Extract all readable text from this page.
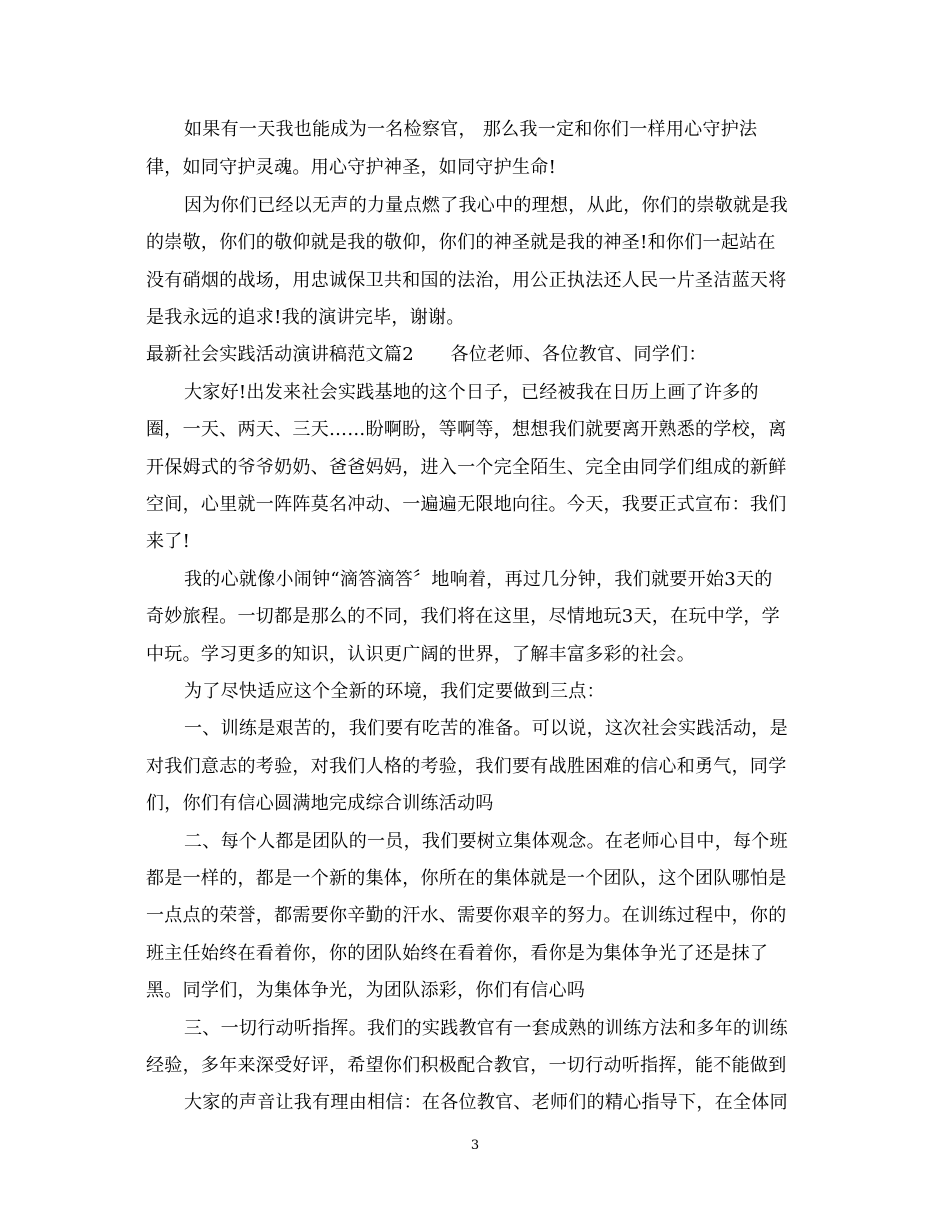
如果有一天我也能成为一名检察官， 那么我一定和你们一样用心守护法
律，如同守护灵魂。用心守护神圣，如同守护生命!
因为你们已经以无声的力量点燃了我心中的理想，从此，你们的崇敬就是我
的崇敬，你们的敬仰就是我的敬仰，你们的神圣就是我的神圣!和你们一起站在
没有硝烟的战场，用忠诚保卫共和国的法治，用公正执法还人民一片圣洁蓝天将
是我永远的追求!我的演讲完毕，谢谢。
最新社会实践活动演讲稿范文篇2　　各位老师、各位教官、同学们：
大家好!出发来社会实践基地的这个日子，已经被我在日历上画了许多的
圈，一天、两天、三天……盼啊盼，等啊等，想想我们就要离开熟悉的学校，离
开保姆式的爷爷奶奶、爸爸妈妈，进入一个完全陌生、完全由同学们组成的新鲜
空间，心里就一阵阵莫名冲动、一遍遍无限地向往。今天，我要正式宣布：我们
来了!
我的心就像小闹钟“滴答滴答〞地响着，再过几分钟，我们就要开始3天的
奇妙旅程。一切都是那么的不同，我们将在这里，尽情地玩3天，在玩中学，学
中玩。学习更多的知识，认识更广阔的世界，了解丰富多彩的社会。
为了尽快适应这个全新的环境，我们定要做到三点：
一、训练是艰苦的，我们要有吃苦的准备。可以说，这次社会实践活动，是
对我们意志的考验，对我们人格的考验，我们要有战胜困难的信心和勇气，同学
们，你们有信心圆满地完成综合训练活动吗
二、每个人都是团队的一员，我们要树立集体观念。在老师心目中，每个班
都是一样的，都是一个新的集体，你所在的集体就是一个团队，这个团队哪怕是
一点点的荣誉，都需要你辛勤的汗水、需要你艰辛的努力。在训练过程中，你的
班主任始终在看着你，你的团队始终在看着你，看你是为集体争光了还是抹了
黑。同学们，为集体争光，为团队添彩，你们有信心吗
三、一切行动听指挥。我们的实践教官有一套成熟的训练方法和多年的训练
经验，多年来深受好评，希望你们积极配合教官，一切行动听指挥，能不能做到
大家的声音让我有理由相信：在各位教官、老师们的精心指导下，在全体同
3
